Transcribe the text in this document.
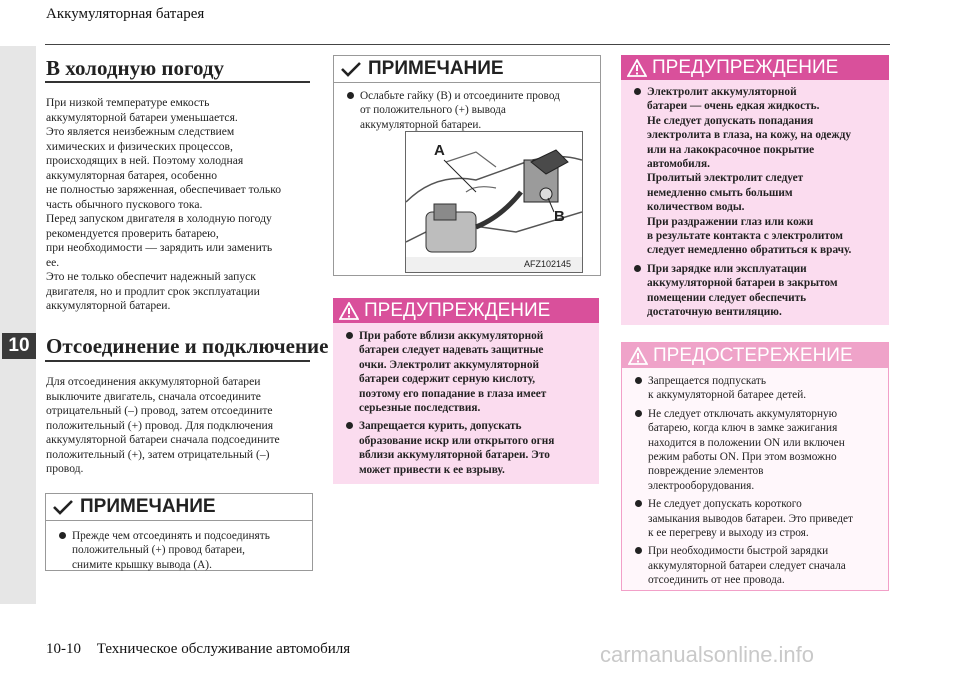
Аккумуляторная батарея
10
В холодную погоду
При низкой температуре емкость
аккумуляторной батареи уменьшается.
Это является неизбежным следствием
химических и физических процессов,
происходящих в ней. Поэтому холодная
аккумуляторная батарея, особенно
не полностью заряженная, обеспечивает только
часть обычного пускового тока.
Перед запуском двигателя в холодную погоду
рекомендуется проверить батарею,
при необходимости — зарядить или заменить
ее.
Это не только обеспечит надежный запуск
двигателя, но и продлит срок эксплуатации
аккумуляторной батареи.
Отсоединение и подключение
Для отсоединения аккумуляторной батареи
выключите двигатель, сначала отсоедините
отрицательный (–) провод, затем отсоедините
положительный (+) провод. Для подключения
аккумуляторной батареи сначала подсоедините
положительный (+), затем отрицательный (–)
провод.
ПРИМЕЧАНИЕ
Прежде чем отсоединять и подсоединять
положительный (+) провод батареи,
снимите крышку вывода (А).
ПРИМЕЧАНИЕ
Ослабьте гайку (B) и отсоедините провод
от положительного (+) вывода
аккумуляторной батареи.
A
B
AFZ102145
ПРЕДУПРЕЖДЕНИЕ
При работе вблизи аккумуляторной
батареи следует надевать защитные
очки. Электролит аккумуляторной
батареи содержит серную кислоту,
поэтому его попадание в глаза имеет
серьезные последствия.
Запрещается курить, допускать
образование искр или открытого огня
вблизи аккумуляторной батареи. Это
может привести к ее взрыву.
ПРЕДУПРЕЖДЕНИЕ
Электролит аккумуляторной
батареи — очень едкая жидкость.
Не следует допускать попадания
электролита в глаза, на кожу, на одежду
или на лакокрасочное покрытие
автомобиля.
Пролитый электролит следует
немедленно смыть большим
количеством воды.
При раздражении глаз или кожи
в результате контакта с электролитом
следует немедленно обратиться к врачу.
При зарядке или эксплуатации
аккумуляторной батареи в закрытом
помещении следует обеспечить
достаточную вентиляцию.
ПРЕДОСТЕРЕЖЕНИЕ
Запрещается подпускать
к аккумуляторной батарее детей.
Не следует отключать аккумуляторную
батарею, когда ключ в замке зажигания
находится в положении ON или включен
режим работы ON. При этом возможно
повреждение элементов
электрооборудования.
Не следует допускать короткого
замыкания выводов батареи. Это приведет
к ее перегреву и выходу из строя.
При необходимости быстрой зарядки
аккумуляторной батареи следует сначала
отсоединить от нее провода.
10-10 Техническое обслуживание автомобиля	carmanualsonline.info
